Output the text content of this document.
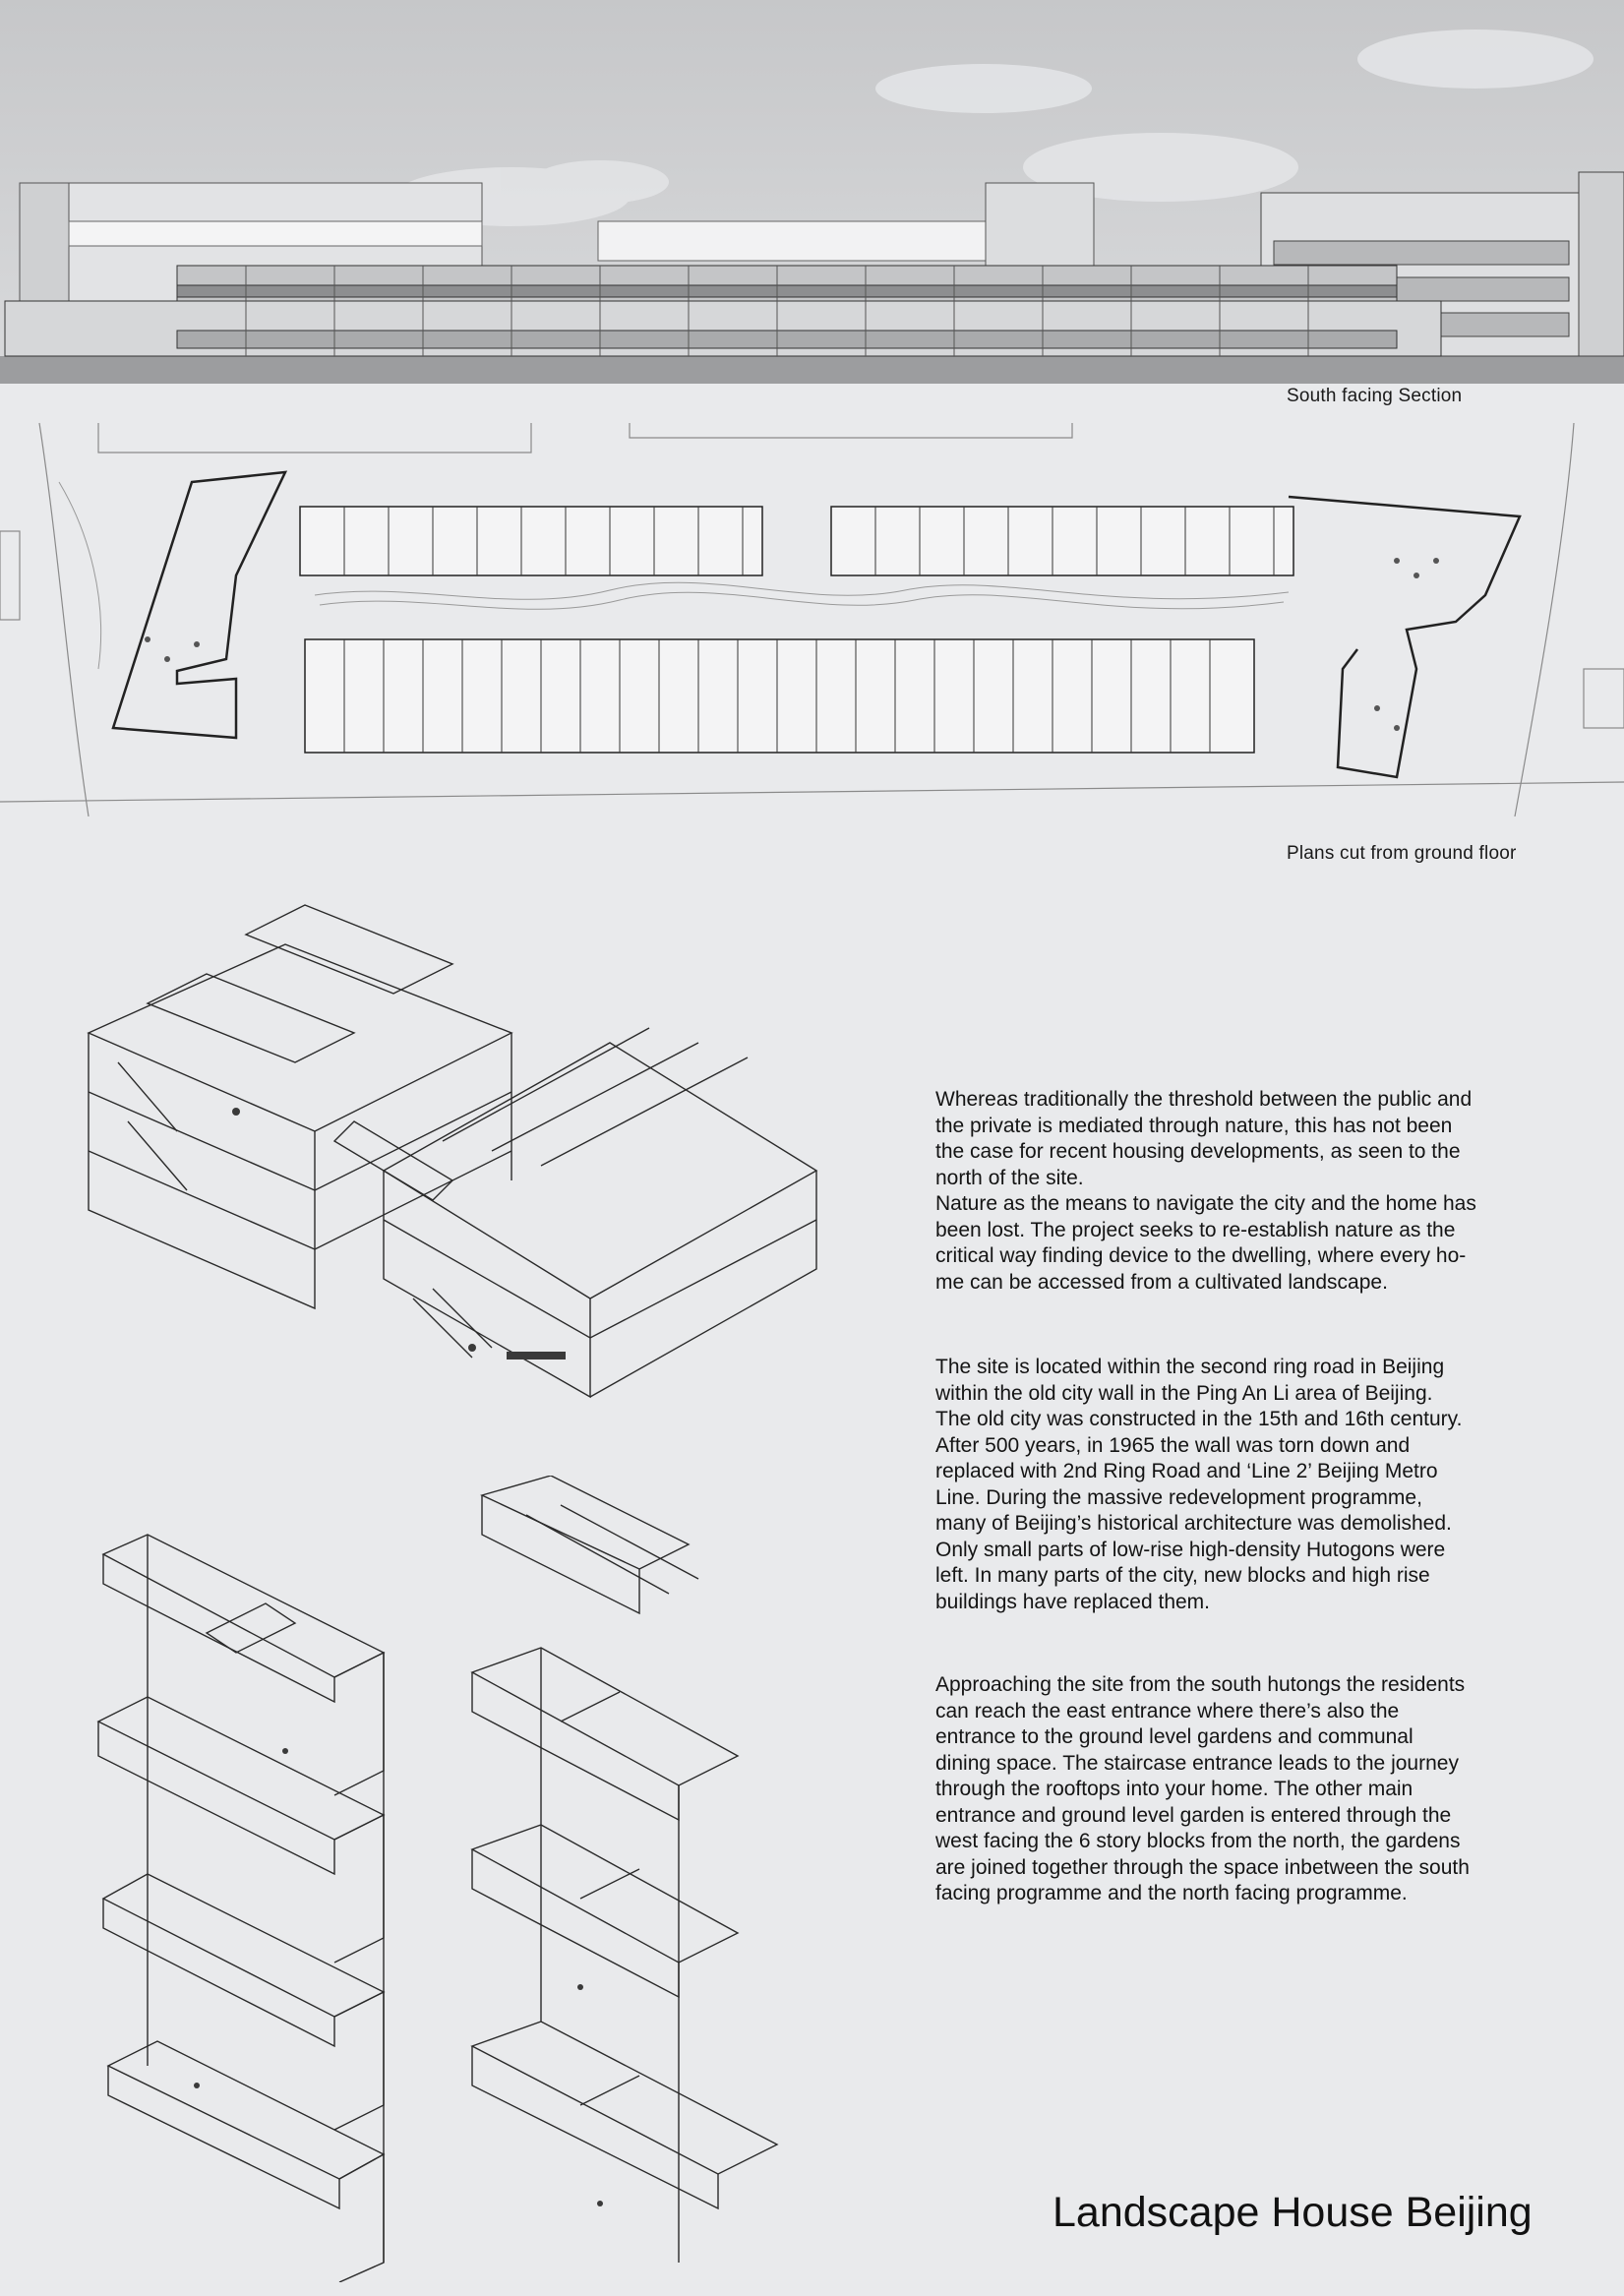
South facing Section
Plans cut from ground floor

Whereas traditionally the threshold between the public and
the private is mediated through nature, this has not been
the case for recent housing developments, as seen to the
north of the site.
Nature as the means to navigate the city and the home has
been lost. The project seeks to re-establish nature as the
critical way finding device to the dwelling, where every ho-
me can be accessed from a cultivated landscape.

The site is located within the second ring road in Beijing
within the old city wall in the Ping An Li area of Beijing.
The old city was constructed in the 15th and 16th century.
After 500 years, in 1965 the wall was torn down and
replaced with 2nd Ring Road and ‘Line 2’ Beijing Metro
Line. During the massive redevelopment programme,
many of Beijing’s historical architecture was demolished.
Only small parts of low-rise high-density Hutogons were
left. In many parts of the city, new blocks and high rise
buildings have replaced them.

Approaching the site from the south hutongs the residents
can reach the east entrance where there’s also the
entrance to the ground level gardens and communal
dining space. The staircase entrance leads to the journey
through the rooftops into your home. The other main
entrance and ground level garden is entered through the
west facing the 6 story blocks from the north, the gardens
are joined together through the space inbetween the south
facing programme and the north facing programme.

Landscape House Beijing
